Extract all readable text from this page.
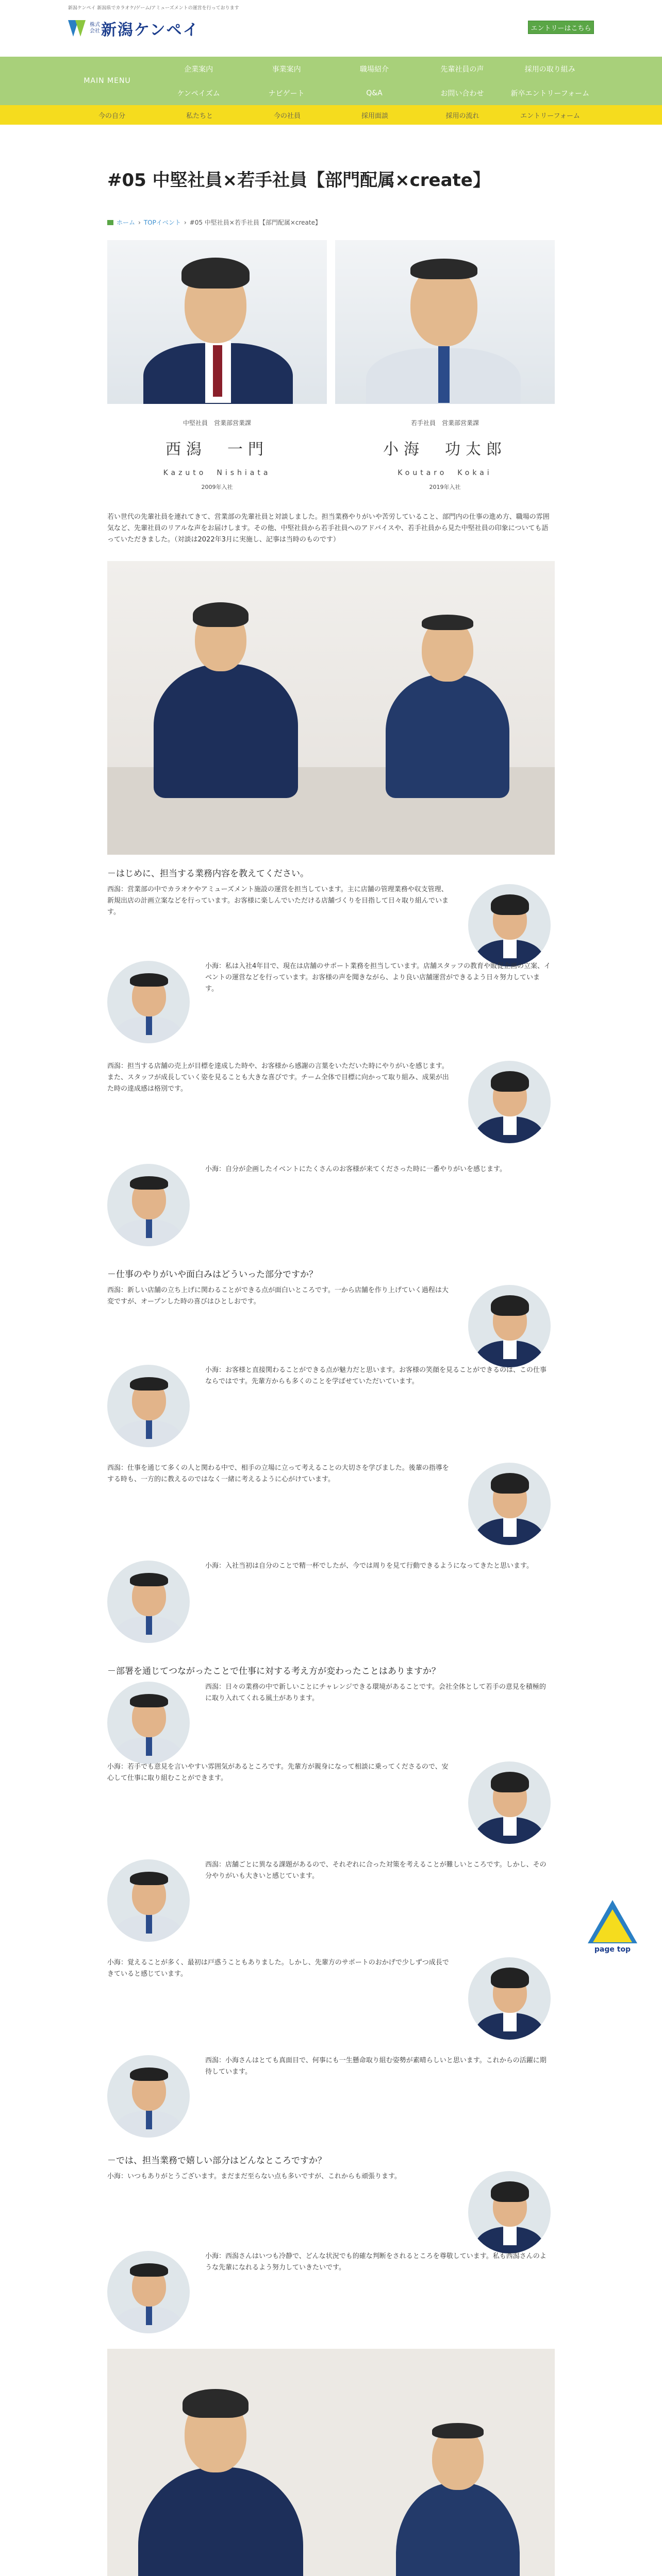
新潟ケンペイ 新潟県でカラオケ/ゲーム/アミューズメントの運営を行っております
株式会社 新潟ケンペイ	エントリーはこちら
MAIN MENU
企業案内	事業案内	職場紹介	先輩社員の声	採用の取り組み
ケンペイズム	ナビゲート	Q&A	お問い合わせ	新卒エントリーフォーム
今の自分	私たちと	今の社員	採用面談	採用の流れ	エントリーフォーム
#05 中堅社員×若手社員【部門配属×create】
ホーム › TOPイベント › #05 中堅社員×若手社員【部門配属×create】
中堅社員　営業部営業課
西潟　一門
Kazuto　Nishiata
2009年入社
若手社員　営業部営業課
小海　功太郎
Koutaro　Kokai
2019年入社

若い世代の先輩社員を連れてきて、営業部の先輩社員と対談しました。担当業務やりがいや苦労していること、部門内の仕事の進め方、職場の雰囲気など、先輩社員のリアルな声をお届けします。その他、中堅社員から若手社員へのアドバイスや、若手社員から見た中堅社員の印象についても語っていただきました。（対談は2022年3月に実施し、記事は当時のものです）

－はじめに、担当する業務内容を教えてください。

西潟：営業部の中でカラオケやアミューズメント施設の運営を担当しています。主に店舗の管理業務や収支管理、新規出店の計画立案などを行っています。お客様に楽しんでいただける店舗づくりを目指して日々取り組んでいます。

小海：私は入社4年目で、現在は店舗のサポート業務を担当しています。店舗スタッフの教育や販促企画の立案、イベントの運営などを行っています。お客様の声を聞きながら、より良い店舗運営ができるよう日々努力しています。

西潟：担当する店舗の売上が目標を達成した時や、お客様から感謝の言葉をいただいた時にやりがいを感じます。また、スタッフが成長していく姿を見ることも大きな喜びです。チーム全体で目標に向かって取り組み、成果が出た時の達成感は格別です。

小海：自分が企画したイベントにたくさんのお客様が来てくださった時に一番やりがいを感じます。

－仕事のやりがいや面白みはどういった部分ですか？

西潟：新しい店舗の立ち上げに関わることができる点が面白いところです。一から店舗を作り上げていく過程は大変ですが、オープンした時の喜びはひとしおです。

小海：お客様と直接関わることができる点が魅力だと思います。お客様の笑顔を見ることができるのは、この仕事ならではです。先輩方からも多くのことを学ばせていただいています。

西潟：仕事を通じて多くの人と関わる中で、相手の立場に立って考えることの大切さを学びました。後輩の指導をする時も、一方的に教えるのではなく一緒に考えるように心がけています。

小海：入社当初は自分のことで精一杯でしたが、今では周りを見て行動できるようになってきたと思います。

－部署を通じてつながったことで仕事に対する考え方が変わったことはありますか？

西潟：日々の業務の中で新しいことにチャレンジできる環境があることです。会社全体として若手の意見を積極的に取り入れてくれる風土があります。

小海：若手でも意見を言いやすい雰囲気があるところです。先輩方が親身になって相談に乗ってくださるので、安心して仕事に取り組むことができます。

西潟：店舗ごとに異なる課題があるので、それぞれに合った対策を考えることが難しいところです。しかし、その分やりがいも大きいと感じています。

小海：覚えることが多く、最初は戸惑うこともありました。しかし、先輩方のサポートのおかげで少しずつ成長できていると感じています。

西潟：小海さんはとても真面目で、何事にも一生懸命取り組む姿勢が素晴らしいと思います。これからの活躍に期待しています。

－では、担当業務で嬉しい部分はどんなところですか？

小海：いつもありがとうございます。まだまだ至らない点も多いですが、これからも頑張ります。

小海：西潟さんはいつも冷静で、どんな状況でも的確な判断をされるところを尊敬しています。私も西潟さんのような先輩になれるよう努力していきたいです。

page top
